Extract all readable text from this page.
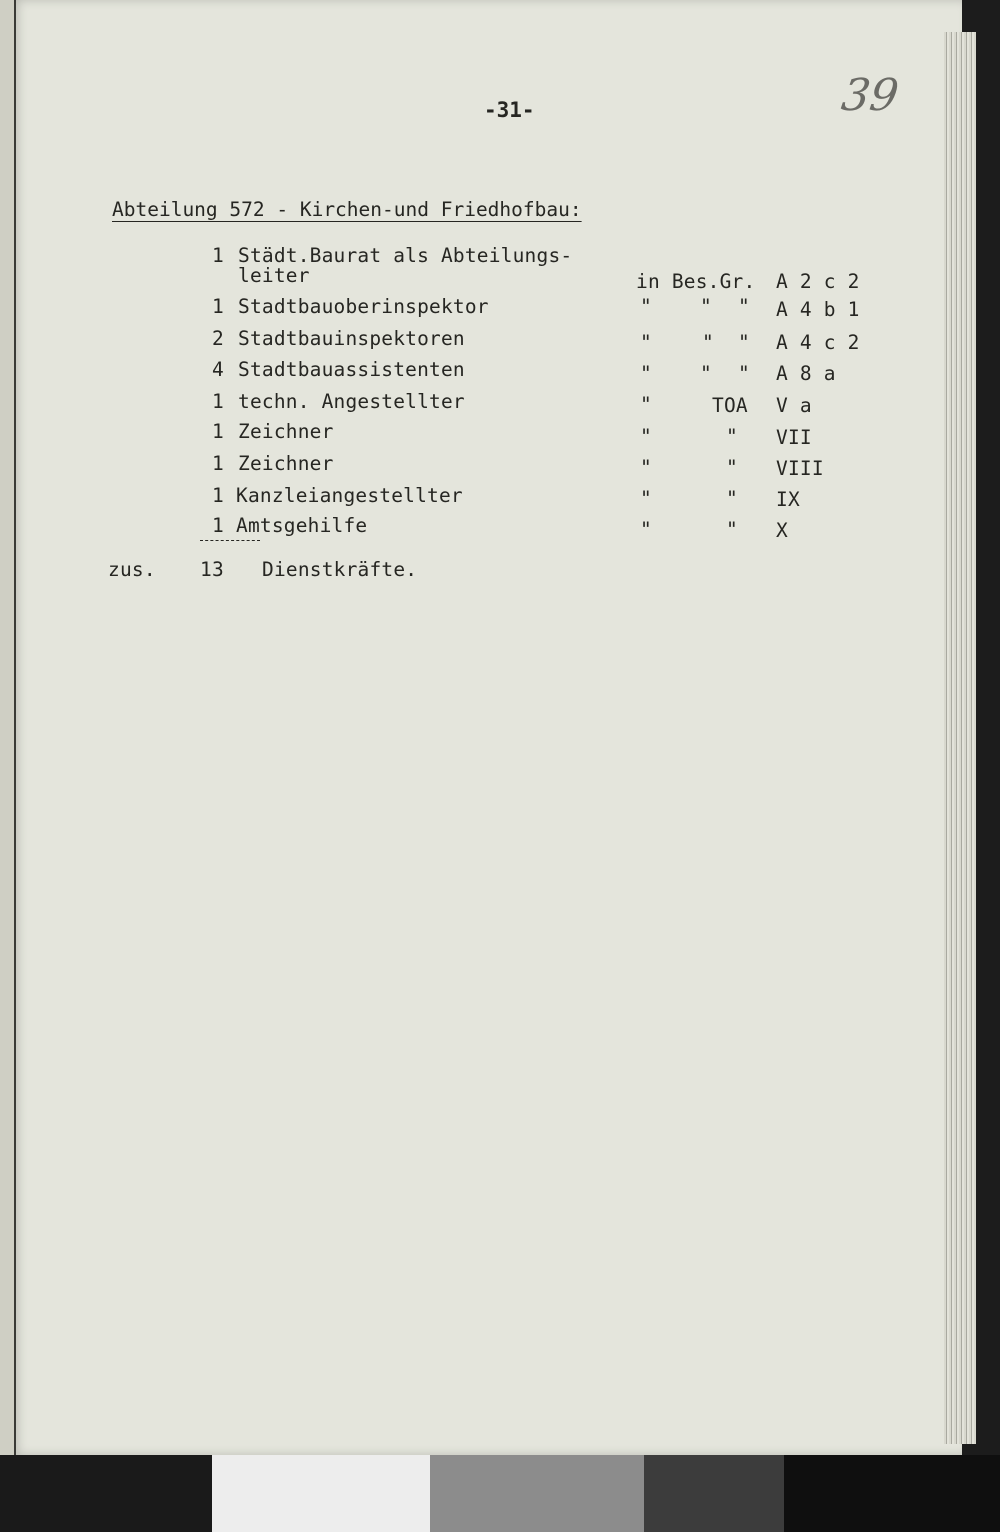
-31-	39
Abteilung 572 - Kirchen-und Friedhofbau:
1 Städt.Baurat als Abteilungs-
leiter	in Bes.Gr. A 2 c 2
1 Stadtbauoberinspektor	" " " A 4 b 1
2 Stadtbauinspektoren	"	" " A 4 c 2
4 Stadtbauassistenten	" " " A 8 a
1 techn. Angestellter	"	TOA V a
1 Zeichner	"	" VII
1 Zeichner	"	" VIII
1 Kanzleiangestellter	"	" IX
1 Amtsgehilfe	"	" X
zus. 13 Dienstkräfte.
